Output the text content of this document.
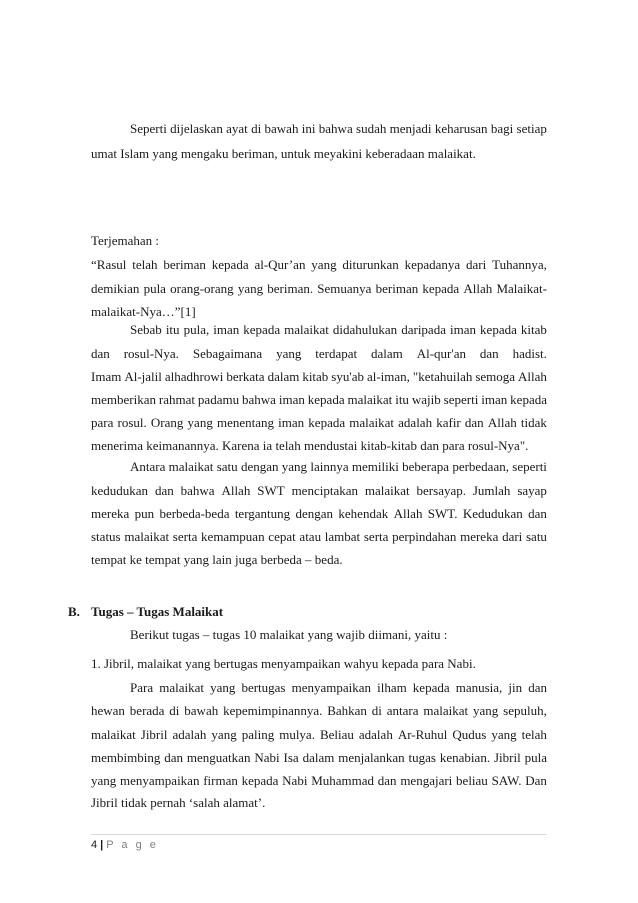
Seperti dijelaskan ayat di bawah ini bahwa sudah menjadi keharusan bagi setiap
umat Islam yang mengaku beriman, untuk meyakini keberadaan malaikat.
Terjemahan :
“Rasul telah beriman kepada al-Qur’an yang diturunkan kepadanya dari Tuhannya,
demikian pula orang-orang yang beriman. Semuanya beriman kepada Allah Malaikat-
malaikat-Nya…”[1]
Sebab itu pula, iman kepada malaikat didahulukan daripada iman kepada kitab
dan rosul-Nya. Sebagaimana yang terdapat dalam Al-qur'an dan hadist.
Imam Al-jalil alhadhrowi berkata dalam kitab syu'ab al-iman, "ketahuilah semoga Allah
memberikan rahmat padamu bahwa iman kepada malaikat itu wajib seperti iman kepada
para rosul. Orang yang menentang iman kepada malaikat adalah kafir dan Allah tidak
menerima keimanannya. Karena ia telah mendustai kitab-kitab dan para rosul-Nya".
Antara malaikat satu dengan yang lainnya memiliki beberapa perbedaan, seperti
kedudukan dan bahwa Allah SWT menciptakan malaikat bersayap. Jumlah sayap
mereka pun berbeda-beda tergantung dengan kehendak Allah SWT. Kedudukan dan
status malaikat serta kemampuan cepat atau lambat serta perpindahan mereka dari satu
tempat ke tempat yang lain juga berbeda – beda.
B. Tugas – Tugas Malaikat
Berikut tugas – tugas 10 malaikat yang wajib diimani, yaitu :
1. Jibril, malaikat yang bertugas menyampaikan wahyu kepada para Nabi.
Para malaikat yang bertugas menyampaikan ilham kepada manusia, jin dan
hewan berada di bawah kepemimpinannya. Bahkan di antara malaikat yang sepuluh,
malaikat Jibril adalah yang paling mulya. Beliau adalah Ar-Ruhul Qudus yang telah
membimbing dan menguatkan Nabi Isa dalam menjalankan tugas kenabian. Jibril pula
yang menyampaikan firman kepada Nabi Muhammad dan mengajari beliau SAW. Dan
Jibril tidak pernah ‘salah alamat’.
4 | P a g e
